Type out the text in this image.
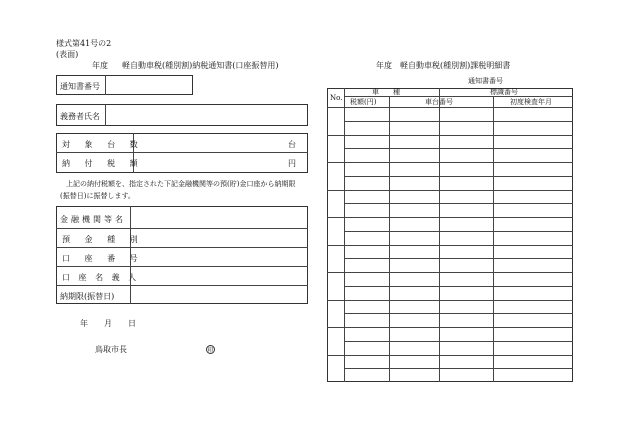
様式第41号の2
(表面)
年度 軽自動車税(種別割)納税通知書(口座振替用)
通知書番号
義務者氏名
対 象 台 数	台
納 付 税 額	円
上記の納付税額を、指定された下記金融機関等の預(貯)金口座から納期限
(振替日)に振替します。
金融機関等名
預 金 種 別
口 座 番 号
口 座 名 義 人
納期限(振替日)
年 月 日
鳥取市長	印
年度 軽自動車税(種別割)課税明細書
通知書番号
No.
車　　種	標識番号
税額(円)	車台番号	初度検査年月
